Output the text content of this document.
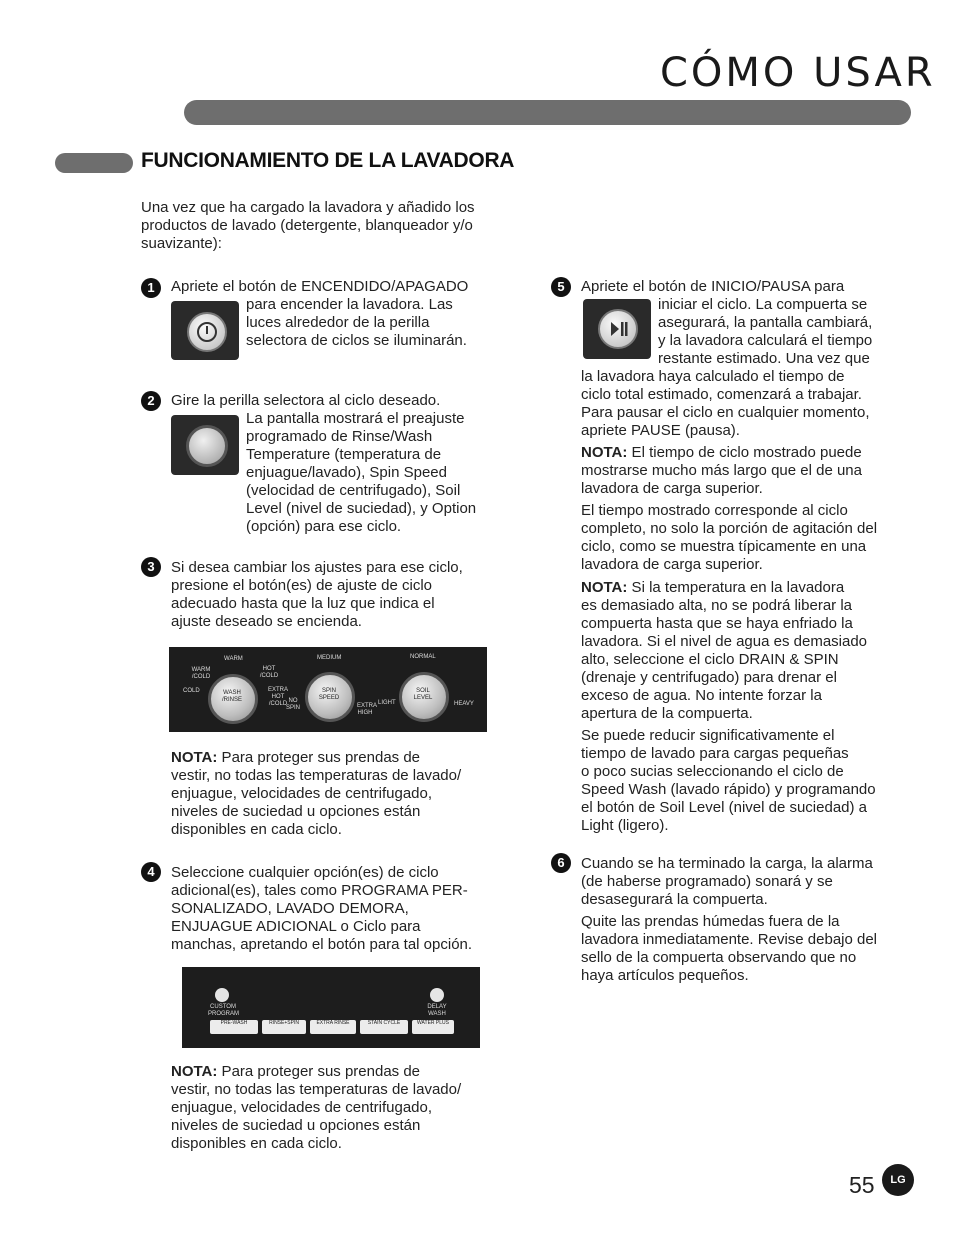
CÓMO USAR
FUNCIONAMIENTO DE LA LAVADORA
Una vez que ha cargado la lavadora y añadido los productos de lavado (detergente, blanqueador y/o suavizante):
1	Apriete el botón de ENCENDIDO/APAGADO
para encender la lavadora. Las
luces alrededor de la perilla
selectora de ciclos se iluminarán.
2	Gire la perilla selectora al ciclo deseado.
La pantalla mostrará el preajuste
programado de Rinse/Wash
Temperature (temperatura de
enjuague/lavado), Spin Speed
(velocidad de centrifugado), Soil
Level (nivel de suciedad), y Option
(opción) para ese ciclo.
3	Si desea cambiar los ajustes para ese ciclo,
presione el botón(es) de ajuste de ciclo
adecuado hasta que la luz que indica el
ajuste deseado se encienda.
WARM
WARM /COLD
HOT /COLD
COLD	EXTRA HOT /COLD
WASH /RINSE
MEDIUM
NO SPIN
SPIN SPEED
EXTRA HIGH
NORMAL
LIGHT
SOIL LEVEL
HEAVY
NOTA: Para proteger sus prendas de
vestir, no todas las temperaturas de lavado/
enjuague, velocidades de centrifugado,
niveles de suciedad u opciones están
disponibles en cada ciclo.
4	Seleccione cualquier opción(es) de ciclo
adicional(es), tales como PROGRAMA PER-
SONALIZADO, LAVADO DEMORA,
ENJUAGUE ADICIONAL o Ciclo para
manchas, apretando el botón para tal opción.
CUSTOM PROGRAM
DELAY WASH
PRE-WASH	RINSE+SPIN	EXTRA RINSE	STAIN CYCLE	WATER PLUS
NOTA: Para proteger sus prendas de
vestir, no todas las temperaturas de lavado/
enjuague, velocidades de centrifugado,
niveles de suciedad u opciones están
disponibles en cada ciclo.
5	Apriete el botón de INICIO/PAUSA para
iniciar el ciclo. La compuerta se
asegurará, la pantalla cambiará,
y la lavadora calculará el tiempo
restante estimado. Una vez que
la lavadora haya calculado el tiempo de
ciclo total estimado, comenzará a trabajar.
Para pausar el ciclo en cualquier momento,
apriete PAUSE (pausa).
NOTA: El tiempo de ciclo mostrado puede
mostrarse mucho más largo que el de una
lavadora de carga superior.
El tiempo mostrado corresponde al ciclo
completo, no solo la porción de agitación del
ciclo, como se muestra típicamente en una
lavadora de carga superior.
NOTA: Si la temperatura en la lavadora
es demasiado alta, no se podrá liberar la
compuerta hasta que se haya enfriado la
lavadora. Si el nivel de agua es demasiado
alto, seleccione el ciclo DRAIN & SPIN
(drenaje y centrifugado) para drenar el
exceso de agua. No intente forzar la
apertura de la compuerta.
Se puede reducir significativamente el
tiempo de lavado para cargas pequeñas
o poco sucias seleccionando el ciclo de
Speed Wash (lavado rápido) y programando
el botón de Soil Level (nivel de suciedad) a
Light (ligero).
6	Cuando se ha terminado la carga, la alarma
(de haberse programado) sonará y se
desasegurará la compuerta.
Quite las prendas húmedas fuera de la
lavadora inmediatamente. Revise debajo del
sello de la compuerta observando que no
haya artículos pequeños.
55	LG
